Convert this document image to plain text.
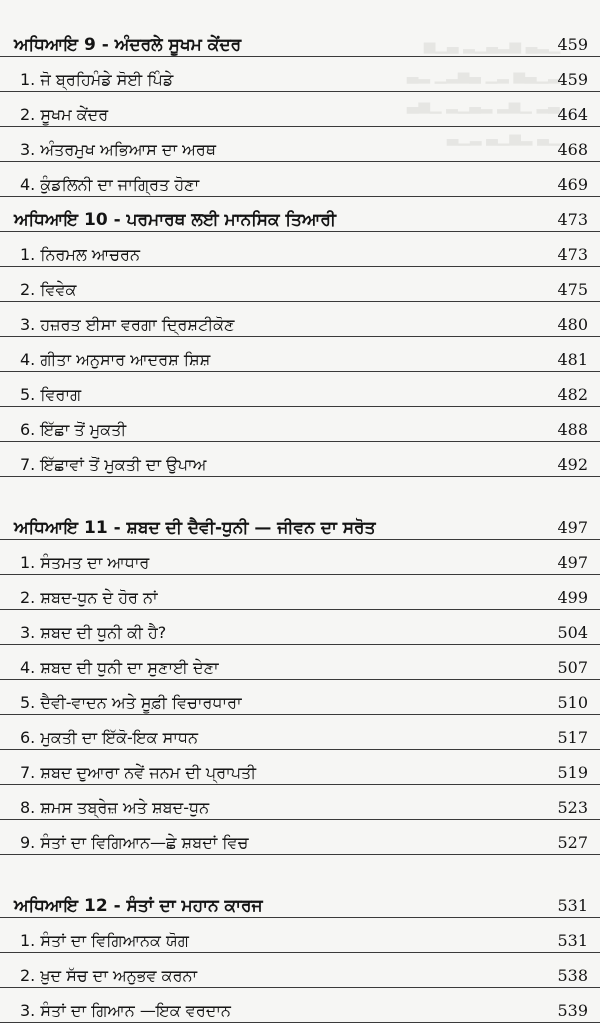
▁▂▃ ▅▂▃▁▂ ▃▁▅
▂▁▃▅ ▂▁ ▃▅▂▁ ▂▃
▃▂ ▁▅▂ ▂▃▁▂ ▁▅▃
▁▃ ▂▅▁▃ ▂▁▃
ਅਧਿਆਇ 9 - ਅੰਦਰਲੇ ਸੂਖਮ ਕੇਂਦਰ	459
1. ਜੋ ਬ੍ਰਹਿਮੰਡੇ ਸੋਈ ਪਿੰਡੇ	459
2. ਸੂਖਮ ਕੇਂਦਰ	464
3. ਅੰਤਰਮੁਖ ਅਭਿਆਸ ਦਾ ਅਰਥ	468
4. ਕੁੰਡਲਿਨੀ ਦਾ ਜਾਗ੍ਰਿਤ ਹੋਣਾ	469
ਅਧਿਆਇ 10 - ਪਰਮਾਰਥ ਲਈ ਮਾਨਸਿਕ ਤਿਆਰੀ	473
1. ਨਿਰਮਲ ਆਚਰਨ	473
2. ਵਿਵੇਕ	475
3. ਹਜ਼ਰਤ ਈਸਾ ਵਰਗਾ ਦ੍ਰਿਸ਼ਟੀਕੋਣ	480
4. ਗੀਤਾ ਅਨੁਸਾਰ ਆਦਰਸ਼ ਸ਼ਿਸ਼	481
5. ਵਿਰਾਗ	482
6. ਇੱਛਾ ਤੋਂ ਮੁਕਤੀ	488
7. ਇੱਛਾਵਾਂ ਤੋਂ ਮੁਕਤੀ ਦਾ ਉਪਾਅ	492
ਅਧਿਆਇ 11 - ਸ਼ਬਦ ਦੀ ਦੈਵੀ-ਧੁਨੀ — ਜੀਵਨ ਦਾ ਸਰੋਤ	497
1. ਸੰਤਮਤ ਦਾ ਆਧਾਰ	497
2. ਸ਼ਬਦ-ਧੁਨ ਦੇ ਹੋਰ ਨਾਂ	499
3. ਸ਼ਬਦ ਦੀ ਧੁਨੀ ਕੀ ਹੈ?	504
4. ਸ਼ਬਦ ਦੀ ਧੁਨੀ ਦਾ ਸੁਣਾਈ ਦੇਣਾ	507
5. ਦੈਵੀ-ਵਾਦਨ ਅਤੇ ਸੂਫ਼ੀ ਵਿਚਾਰਧਾਰਾ	510
6. ਮੁਕਤੀ ਦਾ ਇੱਕੋ-ਇਕ ਸਾਧਨ	517
7. ਸ਼ਬਦ ਦੁਆਰਾ ਨਵੇਂ ਜਨਮ ਦੀ ਪ੍ਰਾਪਤੀ	519
8. ਸ਼ਮਸ ਤਬ੍ਰੇਜ਼ ਅਤੇ ਸ਼ਬਦ-ਧੁਨ	523
9. ਸੰਤਾਂ ਦਾ ਵਿਗਿਆਨ—ਛੇ ਸ਼ਬਦਾਂ ਵਿਚ	527
ਅਧਿਆਇ 12 - ਸੰਤਾਂ ਦਾ ਮਹਾਨ ਕਾਰਜ	531
1. ਸੰਤਾਂ ਦਾ ਵਿਗਿਆਨਕ ਯੋਗ	531
2. ਖ਼ੁਦ ਸੱਚ ਦਾ ਅਨੁਭਵ ਕਰਨਾ	538
3. ਸੰਤਾਂ ਦਾ ਗਿਆਨ —ਇਕ ਵਰਦਾਨ	539
